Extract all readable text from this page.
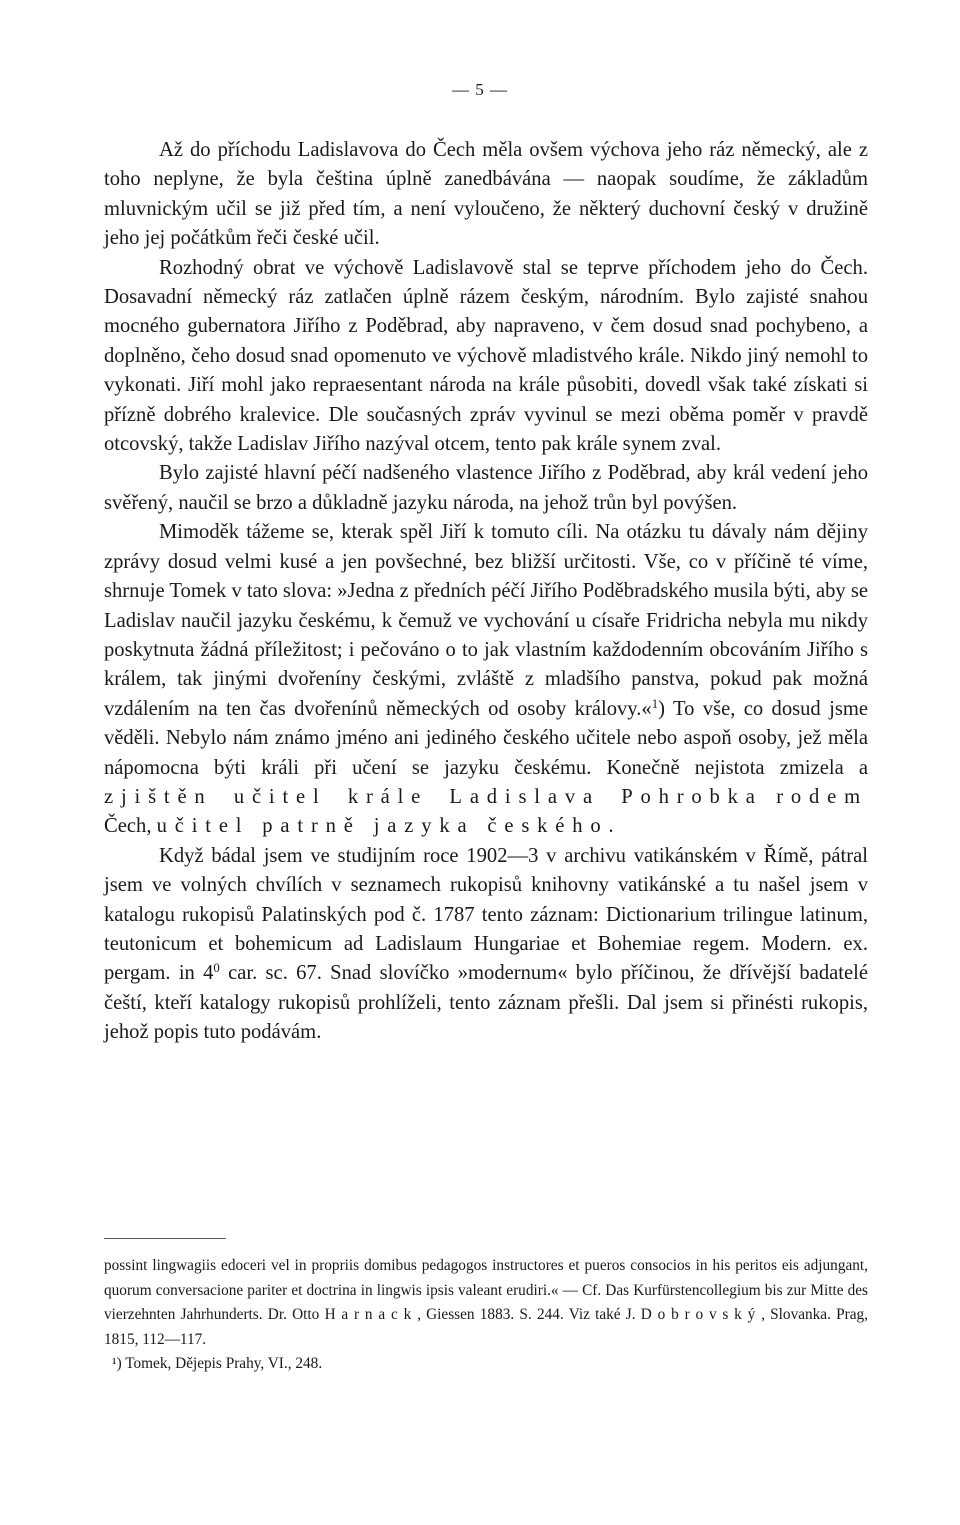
— 5 —

Až do příchodu Ladislavova do Čech měla ovšem výchova jeho ráz německý, ale z toho neplyne, že byla čeština úplně zanedbávána — naopak soudíme, že základům mluvnickým učil se již před tím, a není vyloučeno, že některý duchovní český v družině jeho jej počátkům řeči české učil.

Rozhodný obrat ve výchově Ladislavově stal se teprve příchodem jeho do Čech. Dosavadní německý ráz zatlačen úplně rázem českým, národním. Bylo zajisté snahou mocného gubernatora Jiřího z Poděbrad, aby napraveno, v čem dosud snad pochybeno, a doplněno, čeho dosud snad opomenuto ve výchově mladistvého krále. Nikdo jiný nemohl to vykonati. Jiří mohl jako repraesentant národa na krále působiti, dovedl však také získati si přízně dobrého kralevice. Dle současných zpráv vyvinul se mezi oběma poměr v pravdě otcovský, takže Ladislav Jiřího nazýval otcem, tento pak krále synem zval.

Bylo zajisté hlavní péčí nadšeného vlastence Jiřího z Poděbrad, aby král vedení jeho svěřený, naučil se brzo a důkladně jazyku národa, na jehož trůn byl povýšen.

Mimoděk tážeme se, kterak spěl Jiří k tomuto cíli. Na otázku tu dávaly nám dějiny zprávy dosud velmi kusé a jen povšechné, bez bližší určitosti. Vše, co v příčině té víme, shrnuje Tomek v tato slova: »Jedna z předních péčí Jiřího Poděbradského musila býti, aby se Ladislav naučil jazyku českému, k čemuž ve vychování u císaře Fridricha nebyla mu nikdy poskytnuta žádná příležitost; i pečováno o to jak vlastním každodenním obcováním Jiřího s králem, tak jinými dvořeníny českými, zvláště z mladšího panstva, pokud pak možná vzdálením na ten čas dvořenínů německých od osoby královy.«$^1$) To vše, co dosud jsme věděli. Nebylo nám známo jméno ani jediného českého učitele nebo aspoň osoby, jež měla nápomocna býti králi při učení se jazyku českému. Konečně nejistota zmizela a zjištěn učitel krále Ladislava Pohrobka rodem Čech, učitel patrně jazyka českého.

Když bádal jsem ve studijním roce 1902—3 v archivu vatikánském v Římě, pátral jsem ve volných chvílích v seznamech rukopisů knihovny vatikánské a tu našel jsem v katalogu rukopisů Palatinských pod č. 1787 tento záznam: Dictionarium trilingue latinum, teutonicum et bohemicum ad Ladislaum Hungariae et Bohemiae regem. Modern. ex. pergam. in $4^0$ car. sc. 67. Snad slovíčko »modernum« bylo příčinou, že dřívější badatelé čeští, kteří katalogy rukopisů prohlíželi, tento záznam přešli. Dal jsem si přinésti rukopis, jehož popis tuto podávám.

possint lingwagiis edoceri vel in propriis domibus pedagogos instructores et pueros consocios in his peritos eis adjungant, quorum conversacione pariter et doctrina in lingwis ipsis valeant erudiri.« — Cf. Das Kurfürstencollegium bis zur Mitte des vierzehnten Jahrhunderts. Dr. Otto Harnack, Giessen 1883. S. 244. Viz také J. Dobrovský, Slovanka. Prag, 1815, 112—117.

¹) Tomek, Dějepis Prahy, VI., 248.
